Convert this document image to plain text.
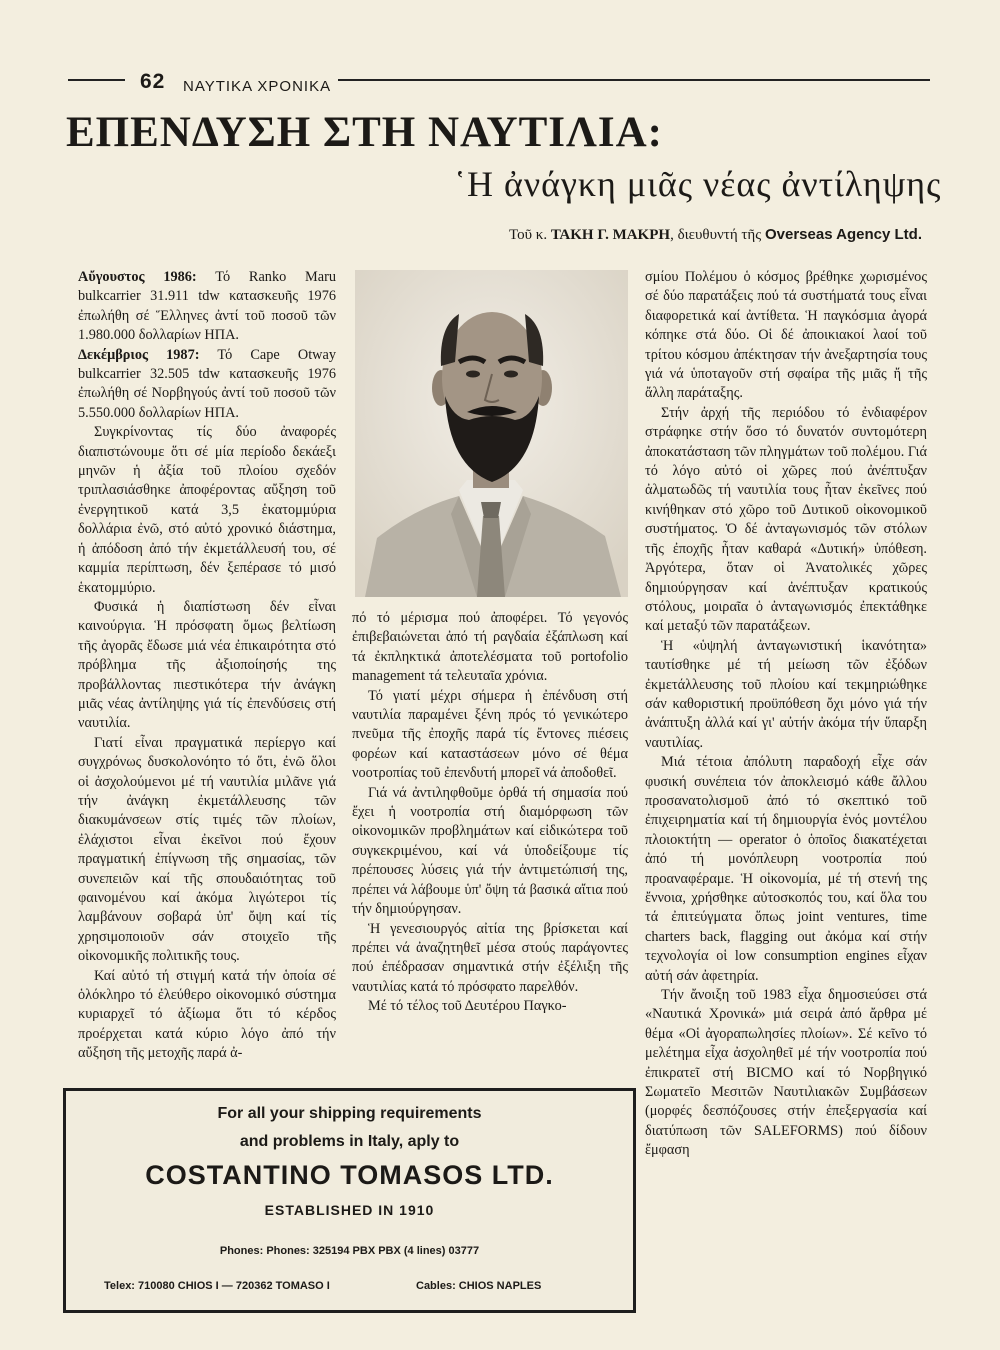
62 ΝΑΥΤΙΚΑ ΧΡΟΝΙΚΑ
ΕΠΕΝΔΥΣΗ ΣΤΗ ΝΑΥΤΙΛΙΑ:
῾Η ἀνάγκη μιᾶς νέας ἀντίληψης
Τοῦ κ. ΤΑΚΗ Γ. ΜΑΚΡΗ, διευθυντή τῆς Overseas Agency Ltd.

Αὔγουστος 1986: Τό Ranko Maru bulkcarrier 31.911 tdw κατασκευῆς 1976 ἐπωλήθη σέ Ἕλληνες ἀντί τοῦ ποσοῦ τῶν 1.980.000 δολλαρίων ΗΠΑ.

Δεκέμβριος 1987: Τό Cape Otway bulkcarrier 32.505 tdw κατασκευῆς 1976 ἐπωλήθη σέ Νορβηγούς ἀντί τοῦ ποσοῦ τῶν 5.550.000 δολλαρίων ΗΠΑ.

Συγκρίνοντας τίς δύο ἀναφορές διαπιστώνουμε ὅτι σέ μία περίοδο δεκάεξι μηνῶν ἡ ἀξία τοῦ πλοίου σχεδόν τριπλασιάσθηκε ἀποφέροντας αὔξηση τοῦ ἐνεργητικοῦ κατά 3,5 ἑκατομμύρια δολλάρια ἐνῶ, στό αὐτό χρονικό διάστημα, ἡ ἀπόδοση ἀπό τήν ἐκμετάλλευσή του, σέ καμμία περίπτωση, δέν ξεπέρασε τό μισό ἑκατομμύριο.

Φυσικά ἡ διαπίστωση δέν εἶναι καινούργια. Ἡ πρόσφατη ὅμως βελτίωση τῆς ἀγορᾶς ἔδωσε μιά νέα ἐπικαιρότητα στό πρόβλημα τῆς ἀξιοποίησής της προβάλλοντας πιεστικότερα τήν ἀνάγκη μιᾶς νέας ἀντίληψης γιά τίς ἐπενδύσεις στή ναυτιλία.

Γιατί εἶναι πραγματικά περίεργο καί συγχρόνως δυσκολονόητο τό ὅτι, ἐνῶ ὅλοι οἱ ἀσχολούμενοι μέ τή ναυτιλία μιλᾶνε γιά τήν ἀνάγκη ἐκμετάλλευσης τῶν διακυμάνσεων στίς τιμές τῶν πλοίων, ἐλάχιστοι εἶναι ἐκεῖνοι πού ἔχουν πραγματική ἐπίγνωση τῆς σημασίας, τῶν συνεπειῶν καί τῆς σπουδαιότητας τοῦ φαινομένου καί ἀκόμα λιγώτεροι τίς λαμβάνουν σοβαρά ὑπ' ὄψη καί τίς χρησιμοποιοῦν σάν στοιχεῖο τῆς οἰκονομικῆς πολιτικῆς τους.

Καί αὐτό τή στιγμή κατά τήν ὁποία σέ ὁλόκληρο τό ἐλεύθερο οἰκονομικό σύστημα κυριαρχεῖ τό ἀξίωμα ὅτι τό κέρδος προέρχεται κατά κύριο λόγο ἀπό τήν αὔξηση τῆς μετοχῆς παρά ἀ-

πό τό μέρισμα πού ἀποφέρει. Τό γεγονός ἐπιβεβαιώνεται ἀπό τή ραγδαία ἐξάπλωση καί τά ἐκπληκτικά ἀποτελέσματα τοῦ portofolio management τά τελευταῖα χρόνια.

Τό γιατί μέχρι σήμερα ἡ ἐπένδυση στή ναυτιλία παραμένει ξένη πρός τό γενικώτερο πνεῦμα τῆς ἐποχῆς παρά τίς ἔντονες πιέσεις φορέων καί καταστάσεων μόνο σέ θέμα νοοτροπίας τοῦ ἐπενδυτή μπορεῖ νά ἀποδοθεῖ.

Γιά νά ἀντιληφθοῦμε ὀρθά τή σημασία πού ἔχει ἡ νοοτροπία στή διαμόρφωση τῶν οἰκονομικῶν προβλημάτων καί εἰδικώτερα τοῦ συγκεκριμένου, καί νά ὑποδείξουμε τίς πρέπουσες λύσεις γιά τήν ἀντιμετώπισή της, πρέπει νά λάβουμε ὑπ' ὄψη τά βασικά αἴτια πού τήν δημιούργησαν.

Ἡ γενεσιουργός αἰτία της βρίσκεται καί πρέπει νά ἀναζητηθεῖ μέσα στούς παράγοντες πού ἐπέδρασαν σημαντικά στήν ἐξέλιξη τῆς ναυτιλίας κατά τό πρόσφατο παρελθόν.

Μέ τό τέλος τοῦ Δευτέρου Παγκο-

σμίου Πολέμου ὁ κόσμος βρέθηκε χωρισμένος σέ δύο παρατάξεις πού τά συστήματά τους εἶναι διαφορετικά καί ἀντίθετα. Ἡ παγκόσμια ἀγορά κόπηκε στά δύο. Οἱ δέ ἀποικιακοί λαοί τοῦ τρίτου κόσμου ἀπέκτησαν τήν ἀνεξαρτησία τους γιά νά ὑποταγοῦν στή σφαίρα τῆς μιᾶς ἤ τῆς ἄλλη παράταξης.

Στήν ἀρχή τῆς περιόδου τό ἐνδιαφέρον στράφηκε στήν ὅσο τό δυνατόν συντομότερη ἀποκατάσταση τῶν πληγμάτων τοῦ πολέμου. Γιά τό λόγο αὐτό οἱ χῶρες πού ἀνέπτυξαν ἀλματωδῶς τή ναυτιλία τους ἦταν ἐκεῖνες πού κινήθηκαν στό χῶρο τοῦ Δυτικοῦ οἰκονομικοῦ συστήματος. Ὁ δέ ἀνταγωνισμός τῶν στόλων τῆς ἐποχῆς ἦταν καθαρά «Δυτική» ὑπόθεση. Ἀργότερα, ὅταν οἱ Ἀνατολικές χῶρες δημιούργησαν καί ἀνέπτυξαν κρατικούς στόλους, μοιραῖα ὁ ἀνταγωνισμός ἐπεκτάθηκε καί μεταξύ τῶν παρατάξεων.

Ἡ «ὑψηλή ἀνταγωνιστική ἱκανότητα» ταυτίσθηκε μέ τή μείωση τῶν ἐξόδων ἐκμετάλλευσης τοῦ πλοίου καί τεκμηριώθηκε σάν καθοριστική προϋπόθεση ὄχι μόνο γιά τήν ἀνάπτυξη ἀλλά καί γι' αὐτήν ἀκόμα τήν ὕπαρξη ναυτιλίας.

Μιά τέτοια ἀπόλυτη παραδοχή εἶχε σάν φυσική συνέπεια τόν ἀποκλεισμό κάθε ἄλλου προσανατολισμοῦ ἀπό τό σκεπτικό τοῦ ἐπιχειρηματία καί τή δημιουργία ἑνός μοντέλου πλοιοκτήτη — operator ὁ ὁποῖος διακατέχεται ἀπό τή μονόπλευρη νοοτροπία πού προαναφέραμε. Ἡ οἰκονομία, μέ τή στενή της ἔννοια, χρήσθηκε αὐτοσκοπός του, καί ὅλα του τά ἐπιτεύγματα ὅπως joint ventures, time charters back, flagging out ἀκόμα καί στήν τεχνολογία οἱ low consumption engines εἶχαν αὐτή σάν ἀφετηρία.

Τήν ἄνοιξη τοῦ 1983 εἶχα δημοσιεύσει στά «Ναυτικά Χρονικά» μιά σειρά ἀπό ἄρθρα μέ θέμα «Οἱ ἀγοραπωλησίες πλοίων». Σέ κεῖνο τό μελέτημα εἶχα ἀσχοληθεῖ μέ τήν νοοτροπία πού ἐπικρατεῖ στή BICMO καί τό Νορβηγικό Σωματεῖο Μεσιτῶν Ναυτιλιακῶν Συμβάσεων (μορφές δεσπόζουσες στήν ἐπεξεργασία καί διατύπωση τῶν SALEFORMS) πού δίδουν ἔμφαση

For all your shipping requirements
and problems in Italy, aply to
COSTANTINO TOMASOS LTD.
ESTABLISHED IN 1910
Phones: Phones: 325194 PBX PBX (4 lines) 03777
Telex: 710080 CHIOS I — 720362 TOMASO I	Cables: CHIOS NAPLES
